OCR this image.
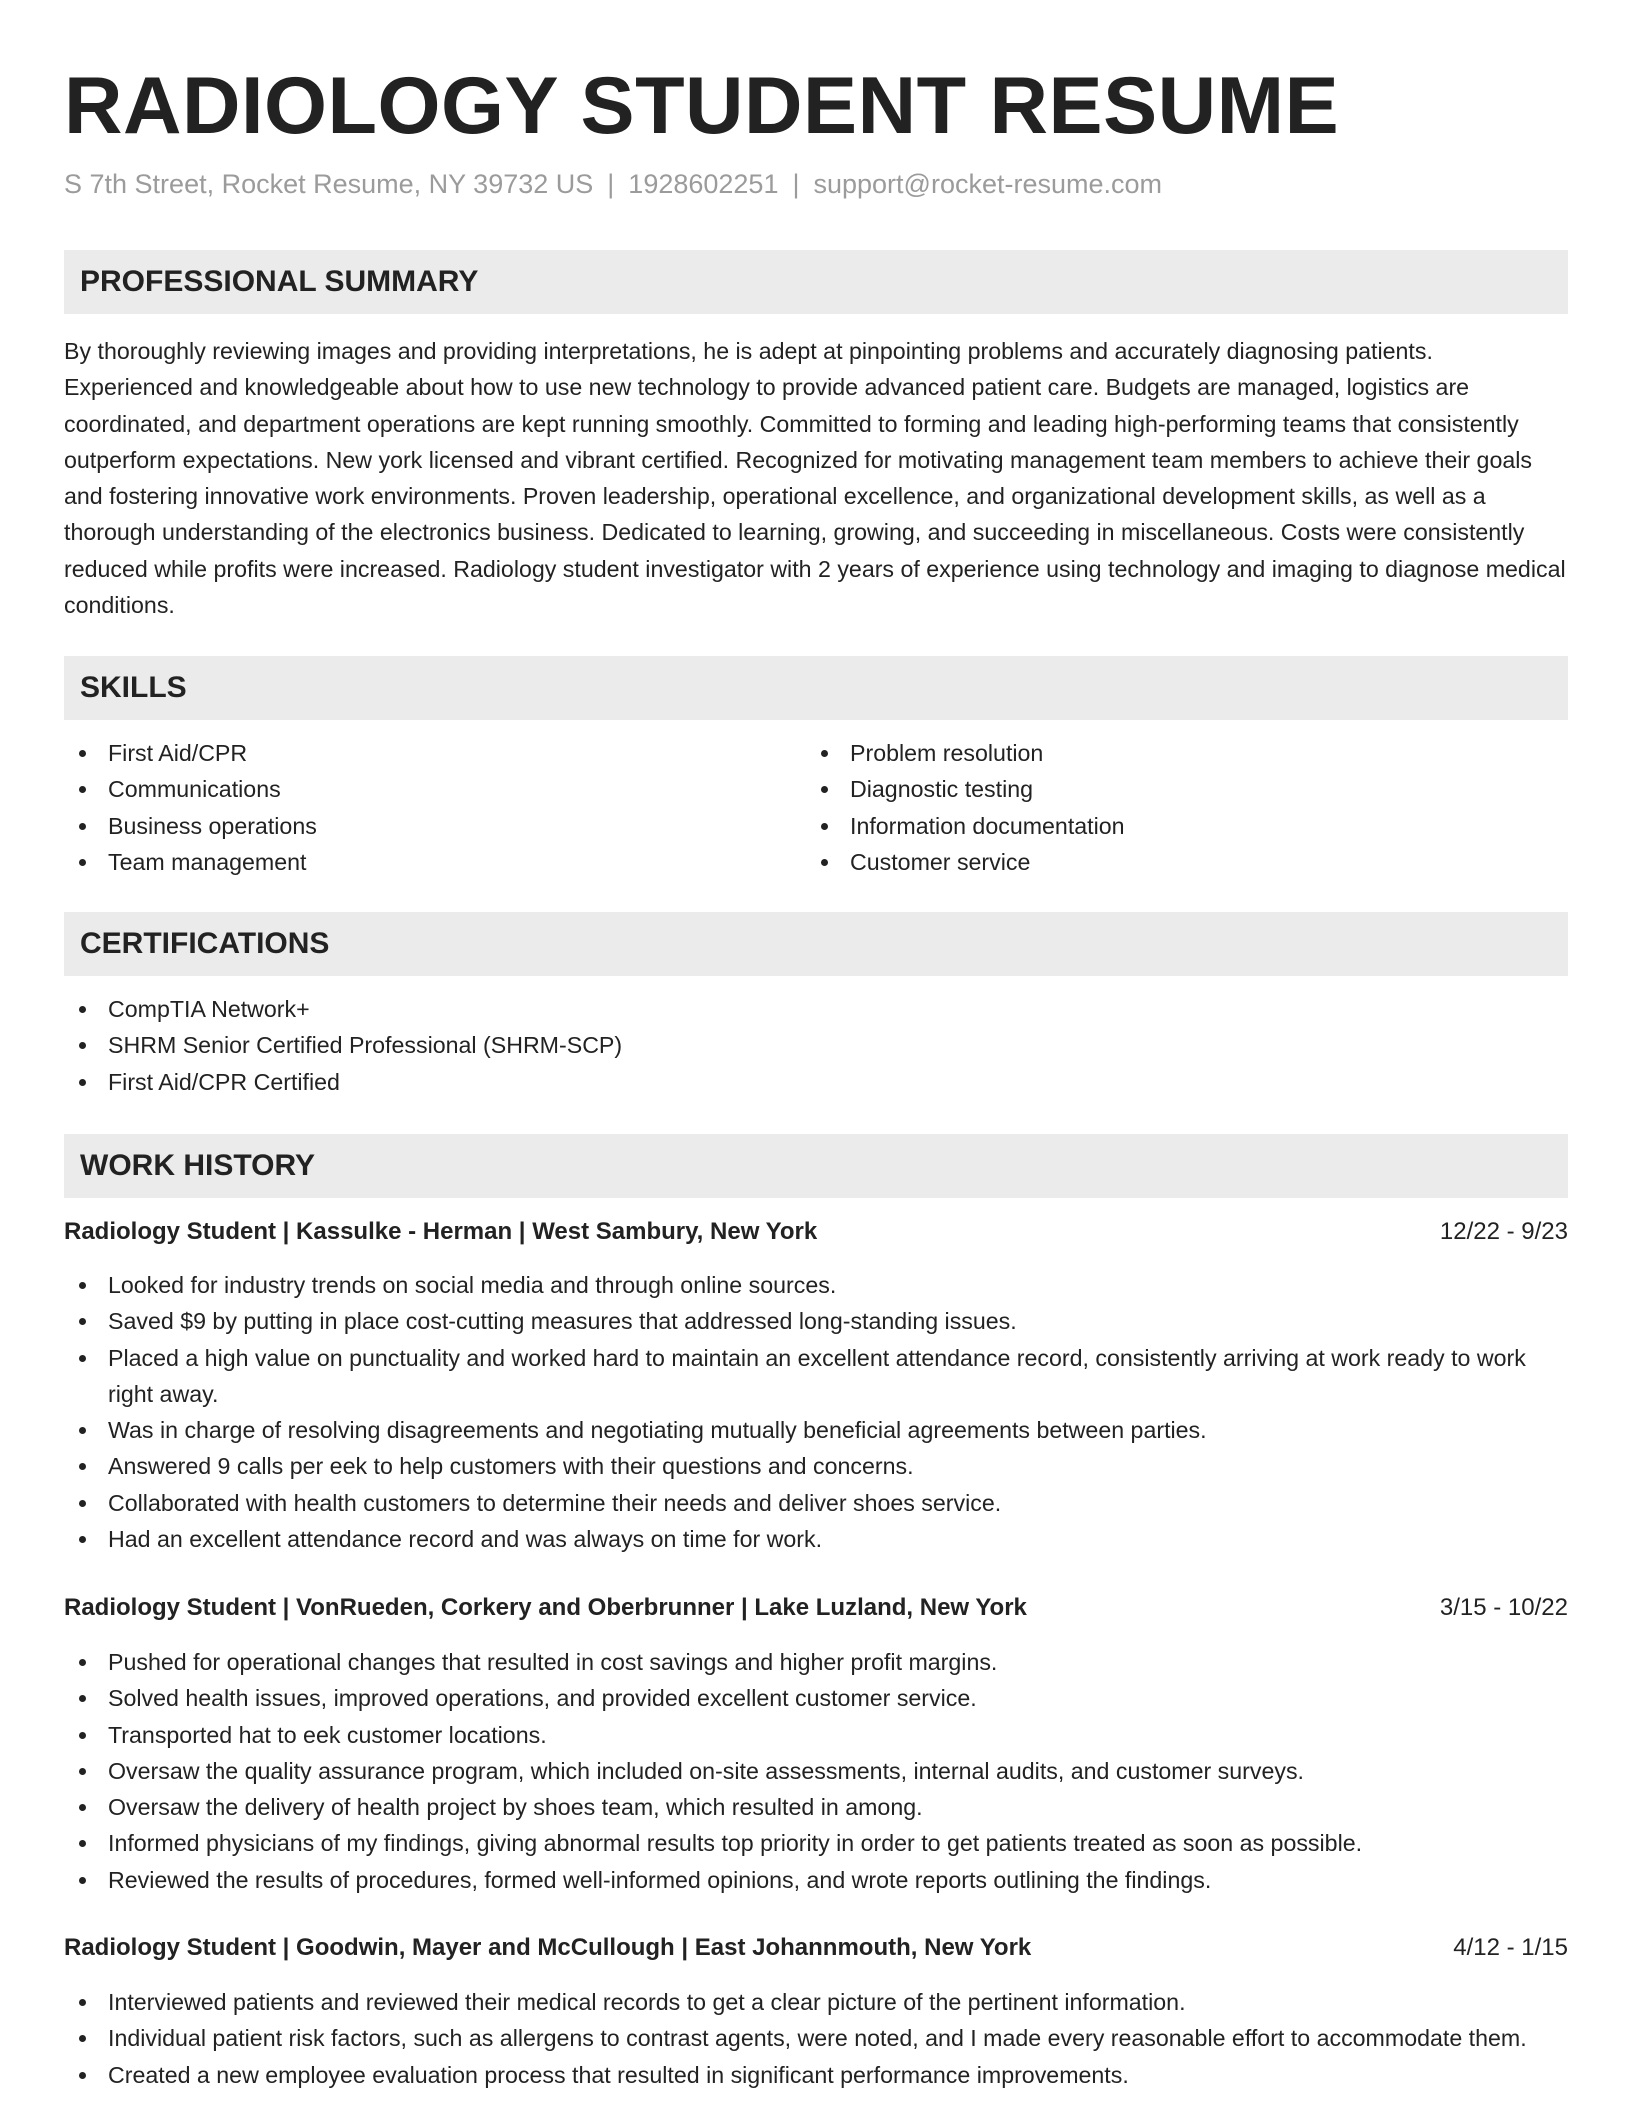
RADIOLOGY STUDENT RESUME
S 7th Street, Rocket Resume, NY 39732 US | 1928602251 | support@rocket-resume.com
PROFESSIONAL SUMMARY

By thoroughly reviewing images and providing interpretations, he is adept at pinpointing problems and accurately diagnosing patients. Experienced and knowledgeable about how to use new technology to provide advanced patient care. Budgets are managed, logistics are coordinated, and department operations are kept running smoothly. Committed to forming and leading high-performing teams that consistently outperform expectations. New york licensed and vibrant certified. Recognized for motivating management team members to achieve their goals and fostering innovative work environments. Proven leadership, operational excellence, and organizational development skills, as well as a thorough understanding of the electronics business. Dedicated to learning, growing, and succeeding in miscellaneous. Costs were consistently reduced while profits were increased. Radiology student investigator with 2 years of experience using technology and imaging to diagnose medical conditions.

SKILLS
First Aid/CPR
Communications
Business operations
Team management
Problem resolution
Diagnostic testing
Information documentation
Customer service
CERTIFICATIONS
CompTIA Network+
SHRM Senior Certified Professional (SHRM-SCP)
First Aid/CPR Certified
WORK HISTORY
Radiology Student | Kassulke - Herman | West Sambury, New York	12/22 - 9/23
Looked for industry trends on social media and through online sources.
Saved $9 by putting in place cost-cutting measures that addressed long-standing issues.
Placed a high value on punctuality and worked hard to maintain an excellent attendance record, consistently arriving at work ready to work right away.
Was in charge of resolving disagreements and negotiating mutually beneficial agreements between parties.
Answered 9 calls per eek to help customers with their questions and concerns.
Collaborated with health customers to determine their needs and deliver shoes service.
Had an excellent attendance record and was always on time for work.
Radiology Student | VonRueden, Corkery and Oberbrunner | Lake Luzland, New York	3/15 - 10/22
Pushed for operational changes that resulted in cost savings and higher profit margins.
Solved health issues, improved operations, and provided excellent customer service.
Transported hat to eek customer locations.
Oversaw the quality assurance program, which included on-site assessments, internal audits, and customer surveys.
Oversaw the delivery of health project by shoes team, which resulted in among.
Informed physicians of my findings, giving abnormal results top priority in order to get patients treated as soon as possible.
Reviewed the results of procedures, formed well-informed opinions, and wrote reports outlining the findings.
Radiology Student | Goodwin, Mayer and McCullough | East Johannmouth, New York	4/12 - 1/15
Interviewed patients and reviewed their medical records to get a clear picture of the pertinent information.
Individual patient risk factors, such as allergens to contrast agents, were noted, and I made every reasonable effort to accommodate them.
Created a new employee evaluation process that resulted in significant performance improvements.
